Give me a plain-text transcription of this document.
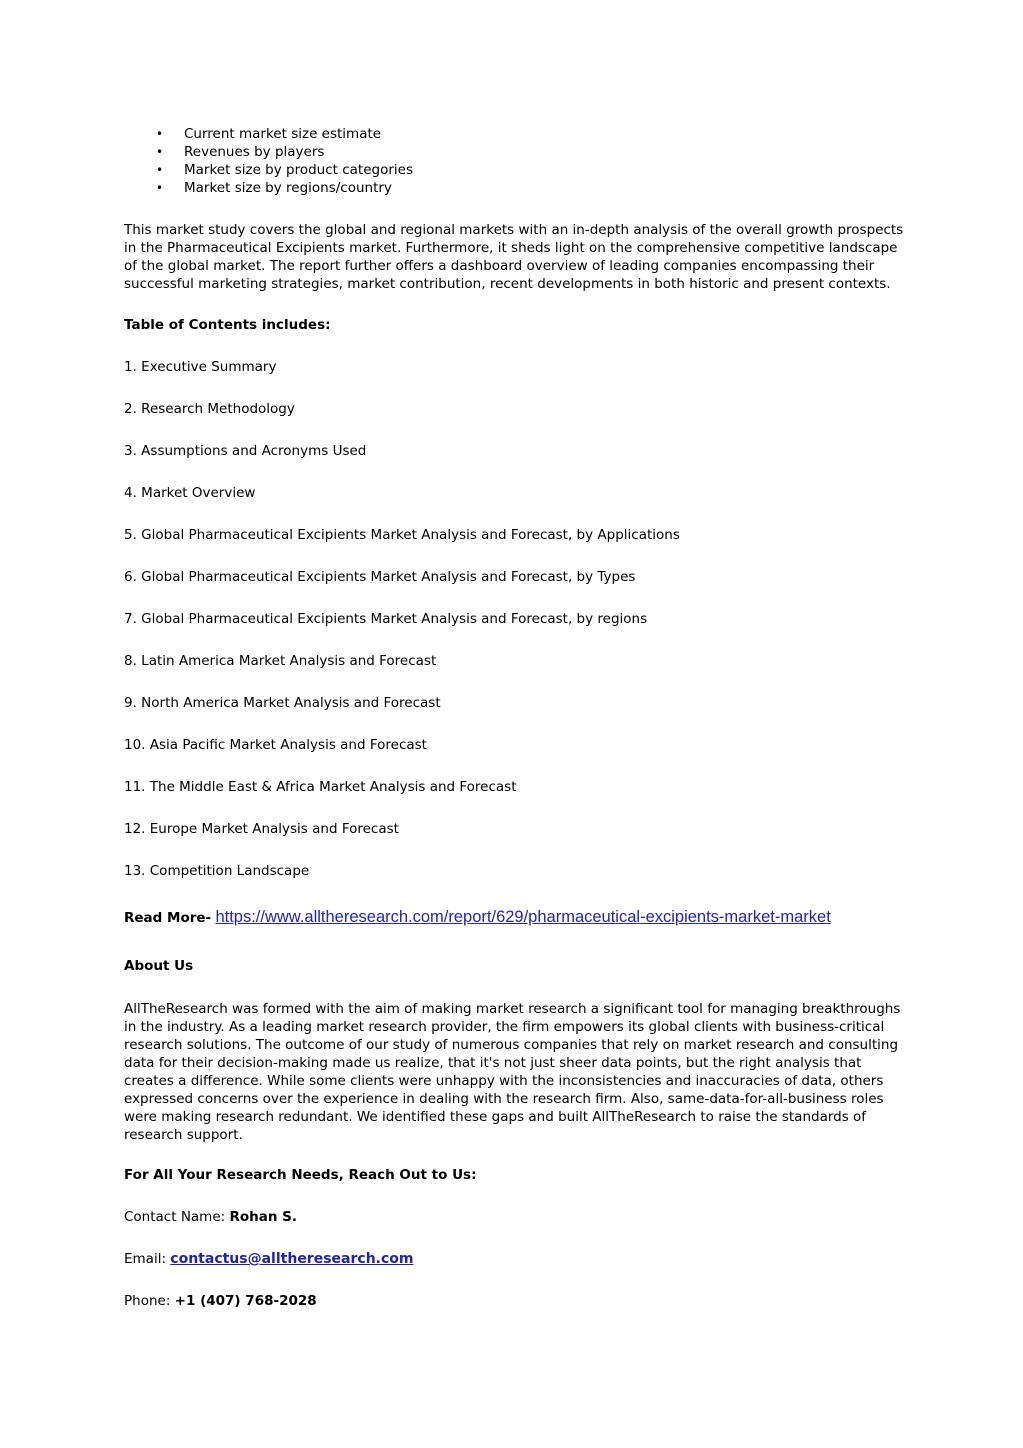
•	Current market size estimate
•	Revenues by players
•	Market size by product categories
•	Market size by regions/country
This market study covers the global and regional markets with an in-depth analysis of the overall growth prospects in the Pharmaceutical Excipients market. Furthermore, it sheds light on the comprehensive competitive landscape of the global market. The report further offers a dashboard overview of leading companies encompassing their successful marketing strategies, market contribution, recent developments in both historic and present contexts.
Table of Contents includes:
1. Executive Summary
2. Research Methodology
3. Assumptions and Acronyms Used
4. Market Overview
5. Global Pharmaceutical Excipients Market Analysis and Forecast, by Applications
6. Global Pharmaceutical Excipients Market Analysis and Forecast, by Types
7. Global Pharmaceutical Excipients Market Analysis and Forecast, by regions
8. Latin America Market Analysis and Forecast
9. North America Market Analysis and Forecast
10. Asia Pacific Market Analysis and Forecast
11. The Middle East & Africa Market Analysis and Forecast
12. Europe Market Analysis and Forecast
13. Competition Landscape
Read More- https://www.alltheresearch.com/report/629/pharmaceutical-excipients-market-market
About Us
AllTheResearch was formed with the aim of making market research a significant tool for managing breakthroughs in the industry. As a leading market research provider, the firm empowers its global clients with business-critical research solutions. The outcome of our study of numerous companies that rely on market research and consulting data for their decision-making made us realize, that it's not just sheer data points, but the right analysis that creates a difference. While some clients were unhappy with the inconsistencies and inaccuracies of data, others expressed concerns over the experience in dealing with the research firm. Also, same-data-for-all-business roles were making research redundant. We identified these gaps and built AllTheResearch to raise the standards of research support.
For All Your Research Needs, Reach Out to Us:
Contact Name: Rohan S.
Email: contactus@alltheresearch.com
Phone: +1 (407) 768-2028
